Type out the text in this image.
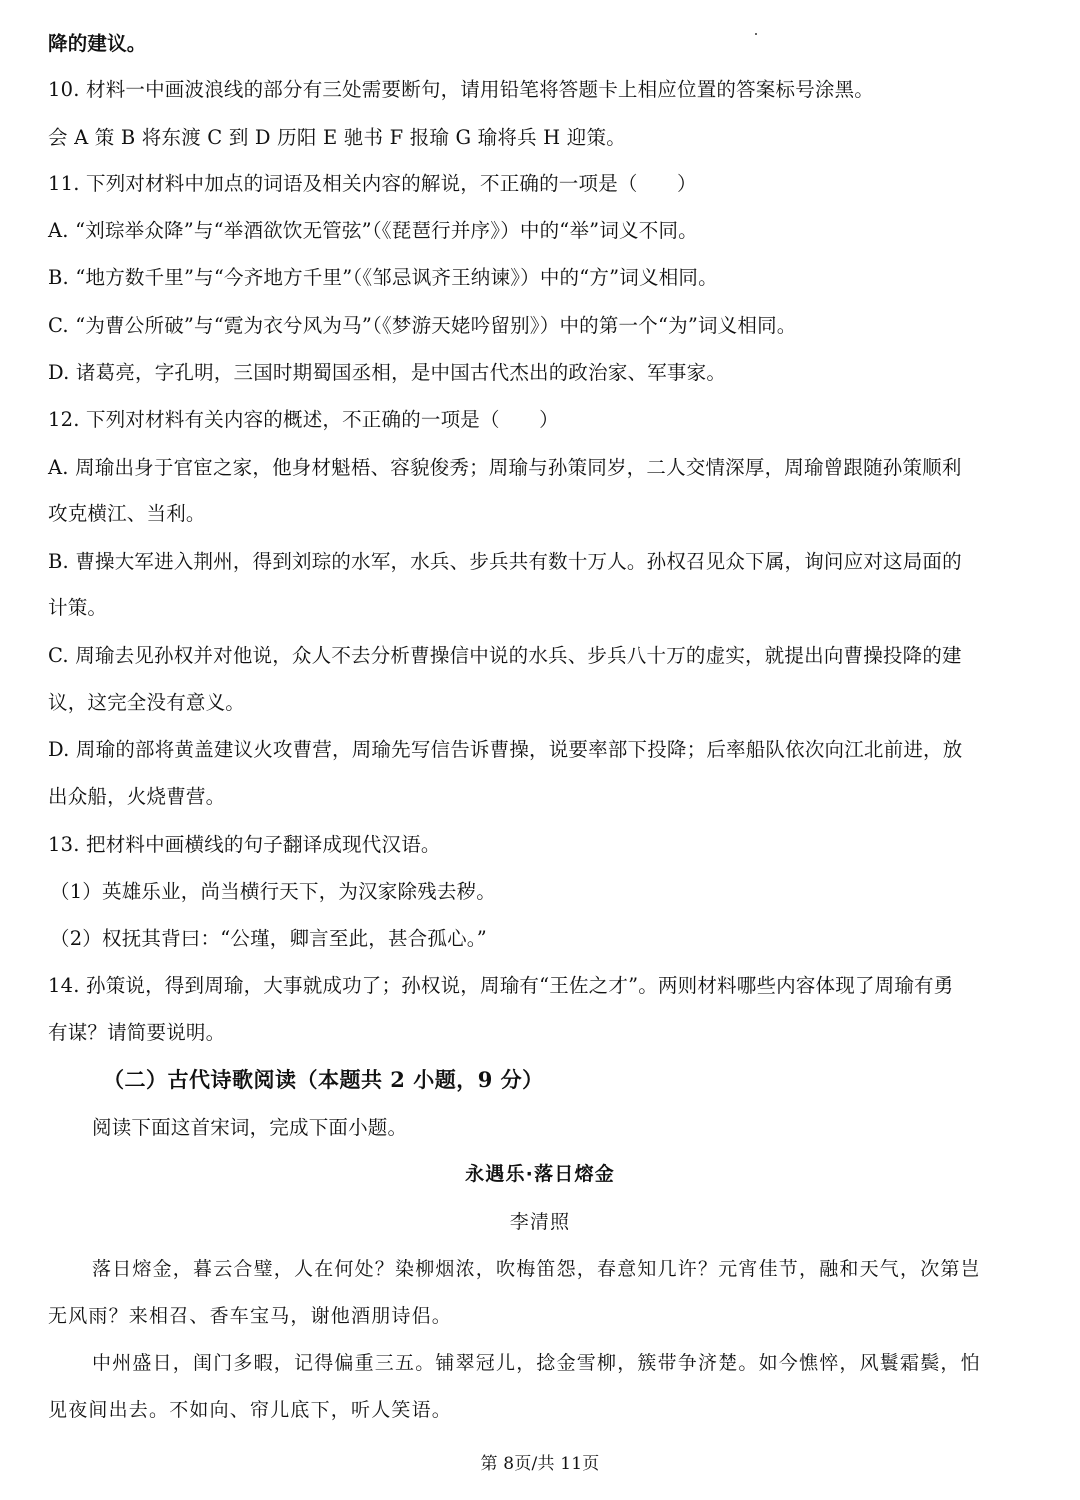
降的建议。
10. 材料一中画波浪线的部分有三处需要断句，请用铅笔将答题卡上相应位置的答案标号涂黑。
会 A 策 B 将东渡 C 到 D 历阳 E 驰书 F 报瑜 G 瑜将兵 H 迎策。
11. 下列对材料中加点的词语及相关内容的解说，不正确的一项是（　　）
A. “刘琮举众降”与“举酒欲饮无管弦”（《琵琶行并序》）中的“举”词义不同。
B. “地方数千里”与“今齐地方千里”（《邹忌讽齐王纳谏》）中的“方”词义相同。
C. “为曹公所破”与“霓为衣兮风为马”（《梦游天姥吟留别》）中的第一个“为”词义相同。
D. 诸葛亮，字孔明，三国时期蜀国丞相，是中国古代杰出的政治家、军事家。
12. 下列对材料有关内容的概述，不正确的一项是（　　）
A. 周瑜出身于官宦之家，他身材魁梧、容貌俊秀；周瑜与孙策同岁，二人交情深厚，周瑜曾跟随孙策顺利
攻克横江、当利。
B. 曹操大军进入荆州，得到刘琮的水军，水兵、步兵共有数十万人。孙权召见众下属，询问应对这局面的
计策。
C. 周瑜去见孙权并对他说，众人不去分析曹操信中说的水兵、步兵八十万的虚实，就提出向曹操投降的建
议，这完全没有意义。
D. 周瑜的部将黄盖建议火攻曹营，周瑜先写信告诉曹操，说要率部下投降；后率船队依次向江北前进，放
出众船，火烧曹营。
13. 把材料中画横线的句子翻译成现代汉语。
（1）英雄乐业，尚当横行天下，为汉家除残去秽。
（2）权抚其背曰：“公瑾，卿言至此，甚合孤心。”
14. 孙策说，得到周瑜，大事就成功了；孙权说，周瑜有“王佐之才”。两则材料哪些内容体现了周瑜有勇
有谋？请简要说明。
（二）古代诗歌阅读（本题共 2 小题，9 分）
阅读下面这首宋词，完成下面小题。
永遇乐·落日熔金
李清照
落日熔金，暮云合璧，人在何处？染柳烟浓，吹梅笛怨，春意知几许？元宵佳节，融和天气，次第岂
无风雨？来相召、香车宝马，谢他酒朋诗侣。
中州盛日，闺门多暇，记得偏重三五。铺翠冠儿，捻金雪柳，簇带争济楚。如今憔悴，风鬟霜鬓，怕
见夜间出去。不如向、帘儿底下，听人笑语。
第 8页/共 11页
